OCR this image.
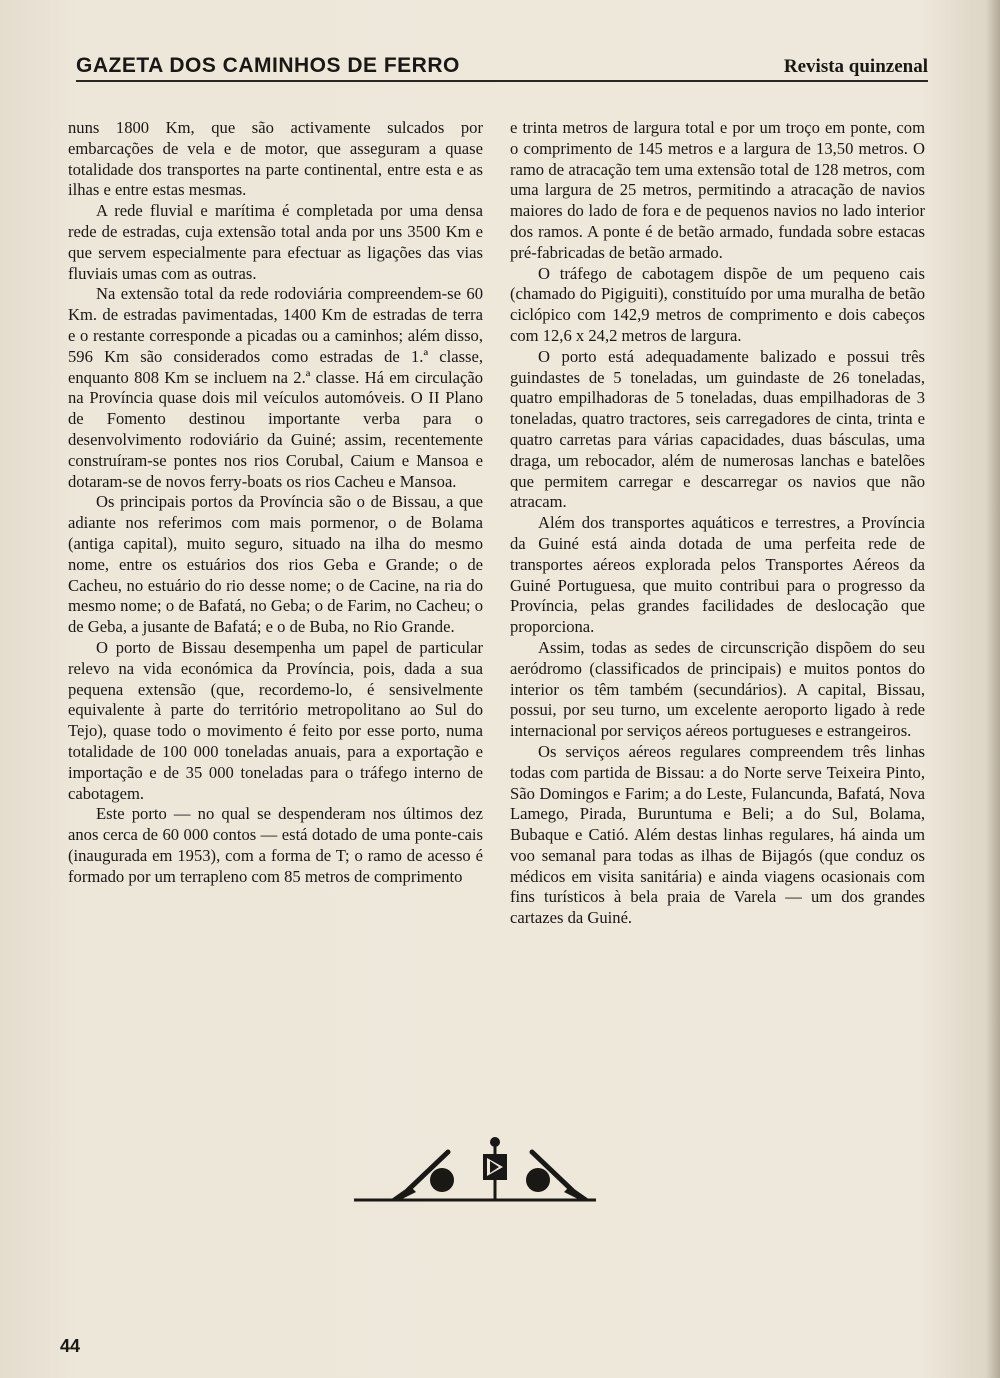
GAZETA DOS CAMINHOS DE FERRO	Revista quinzenal

nuns 1800 Km, que são activamente sulcados por embarcações de vela e de motor, que asseguram a quase totalidade dos transportes na parte continental, entre esta e as ilhas e entre estas mesmas.

A rede fluvial e marítima é completada por uma densa rede de estradas, cuja extensão total anda por uns 3500 Km e que servem especialmente para efectuar as ligações das vias fluviais umas com as outras.

Na extensão total da rede rodoviária compreendem-se 60 Km. de estradas pavimentadas, 1400 Km de estradas de terra e o restante corresponde a picadas ou a caminhos; além disso, 596 Km são considerados como estradas de 1.ª classe, enquanto 808 Km se incluem na 2.ª classe. Há em circulação na Província quase dois mil veículos automóveis. O II Plano de Fomento destinou importante verba para o desenvolvimento rodoviário da Guiné; assim, recentemente construíram-se pontes nos rios Corubal, Caium e Mansoa e dotaram-se de novos ferry-boats os rios Cacheu e Mansoa.

Os principais portos da Província são o de Bissau, a que adiante nos referimos com mais pormenor, o de Bolama (antiga capital), muito seguro, situado na ilha do mesmo nome, entre os estuários dos rios Geba e Grande; o de Cacheu, no estuário do rio desse nome; o de Cacine, na ria do mesmo nome; o de Bafatá, no Geba; o de Farim, no Cacheu; o de Geba, a jusante de Bafatá; e o de Buba, no Rio Grande.

O porto de Bissau desempenha um papel de particular relevo na vida económica da Província, pois, dada a sua pequena extensão (que, recordemo-lo, é sensivelmente equivalente à parte do território metropolitano ao Sul do Tejo), quase todo o movimento é feito por esse porto, numa totalidade de 100 000 toneladas anuais, para a exportação e importação e de 35 000 toneladas para o tráfego interno de cabotagem.

Este porto — no qual se despenderam nos últimos dez anos cerca de 60 000 contos — está dotado de uma ponte-cais (inaugurada em 1953), com a forma de T; o ramo de acesso é formado por um terrapleno com 85 metros de comprimento

e trinta metros de largura total e por um troço em ponte, com o comprimento de 145 metros e a largura de 13,50 metros. O ramo de atracação tem uma extensão total de 128 metros, com uma largura de 25 metros, permitindo a atracação de navios maiores do lado de fora e de pequenos navios no lado interior dos ramos. A ponte é de betão armado, fundada sobre estacas pré-fabricadas de betão armado.

O tráfego de cabotagem dispõe de um pequeno cais (chamado do Pigiguiti), constituído por uma muralha de betão ciclópico com 142,9 metros de comprimento e dois cabeços com 12,6 x 24,2 metros de largura.

O porto está adequadamente balizado e possui três guindastes de 5 toneladas, um guindaste de 26 toneladas, quatro empilhadoras de 5 toneladas, duas empilhadoras de 3 toneladas, quatro tractores, seis carregadores de cinta, trinta e quatro carretas para várias capacidades, duas básculas, uma draga, um rebocador, além de numerosas lanchas e batelões que permitem carregar e descarregar os navios que não atracam.

Além dos transportes aquáticos e terrestres, a Província da Guiné está ainda dotada de uma perfeita rede de transportes aéreos explorada pelos Transportes Aéreos da Guiné Portuguesa, que muito contribui para o progresso da Província, pelas grandes facilidades de deslocação que proporciona.

Assim, todas as sedes de circunscrição dispõem do seu aeródromo (classificados de principais) e muitos pontos do interior os têm também (secundários). A capital, Bissau, possui, por seu turno, um excelente aeroporto ligado à rede internacional por serviços aéreos portugueses e estrangeiros.

Os serviços aéreos regulares compreendem três linhas todas com partida de Bissau: a do Norte serve Teixeira Pinto, São Domingos e Farim; a do Leste, Fulancunda, Bafatá, Nova Lamego, Pirada, Buruntuma e Beli; a do Sul, Bolama, Bubaque e Catió. Além destas linhas regulares, há ainda um voo semanal para todas as ilhas de Bijagós (que conduz os médicos em visita sanitária) e ainda viagens ocasionais com fins turísticos à bela praia de Varela — um dos grandes cartazes da Guiné.

44
